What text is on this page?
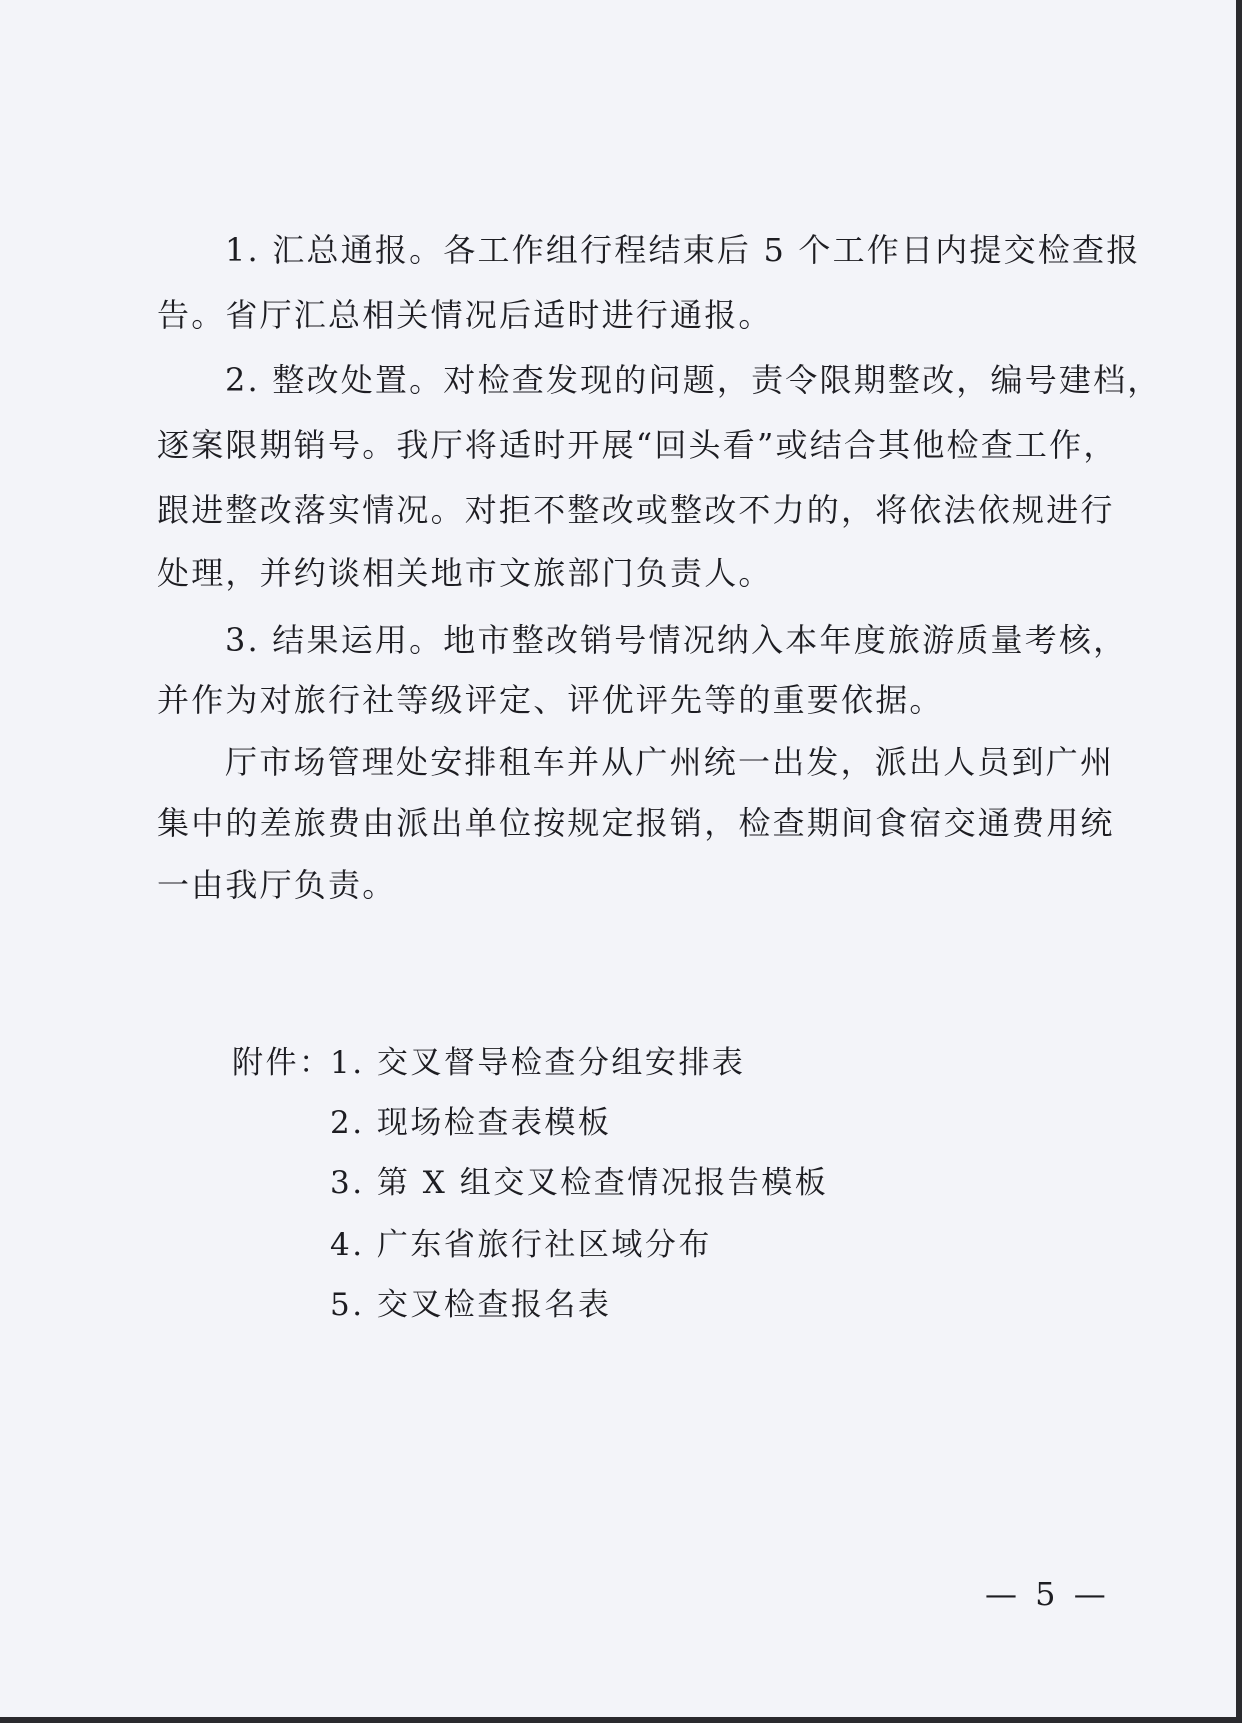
1. 汇总通报。各工作组行程结束后 5 个工作日内提交检查报
告。省厅汇总相关情况后适时进行通报。
2. 整改处置。对检查发现的问题，责令限期整改，编号建档，
逐案限期销号。我厅将适时开展“回头看”或结合其他检查工作，
跟进整改落实情况。对拒不整改或整改不力的，将依法依规进行
处理，并约谈相关地市文旅部门负责人。
3. 结果运用。地市整改销号情况纳入本年度旅游质量考核，
并作为对旅行社等级评定、评优评先等的重要依据。
厅市场管理处安排租车并从广州统一出发，派出人员到广州
集中的差旅费由派出单位按规定报销，检查期间食宿交通费用统
一由我厅负责。
附件：
1. 交叉督导检查分组安排表
2. 现场检查表模板
3. 第 X 组交叉检查情况报告模板
4. 广东省旅行社区域分布
5. 交叉检查报名表
— 5 —
